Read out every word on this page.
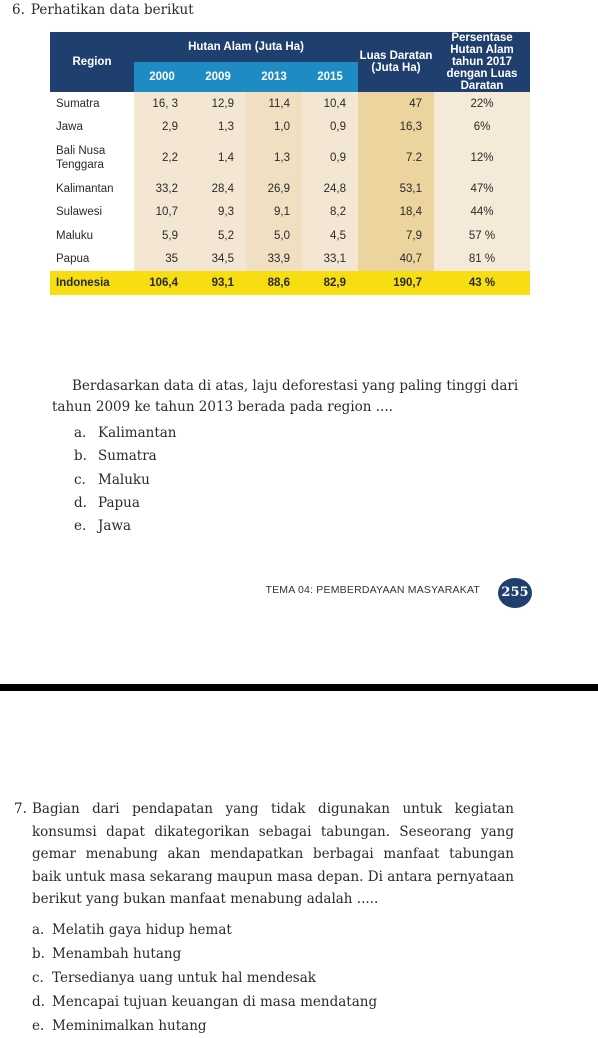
6. Perhatikan data berikut
Region	Hutan Alam (Juta Ha)				Luas Daratan (Juta Ha)	Persentase Hutan Alam tahun 2017 dengan Luas Daratan
	2000	2009	2013	2015		
Sumatra	16, 3	12,9	11,4	10,4	47	22%
Jawa	2,9	1,3	1,0	0,9	16,3	6%
Bali Nusa Tenggara	2,2	1,4	1,3	0,9	7.2	12%
Kalimantan	33,2	28,4	26,9	24,8	53,1	47%
Sulawesi	10,7	9,3	9,1	8,2	18,4	44%
Maluku	5,9	5,2	5,0	4,5	7,9	57 %
Papua	35	34,5	33,9	33,1	40,7	81 %
Indonesia	106,4	93,1	88,6	82,9	190,7	43 %
Berdasarkan data di atas, laju deforestasi yang paling tinggi dari tahun 2009 ke tahun 2013 berada pada region ....
a. Kalimantan
b. Sumatra
c. Maluku
d. Papua
e. Jawa
TEMA 04: PEMBERDAYAAN MASYARAKAT 255
7. Bagian dari pendapatan yang tidak digunakan untuk kegiatan konsumsi dapat dikategorikan sebagai tabungan. Seseorang yang gemar menabung akan mendapatkan berbagai manfaat tabungan baik untuk masa sekarang maupun masa depan. Di antara pernyataan berikut yang bukan manfaat menabung adalah .....
a. Melatih gaya hidup hemat
b. Menambah hutang
c. Tersedianya uang untuk hal mendesak
d. Mencapai tujuan keuangan di masa mendatang
e. Meminimalkan hutang
